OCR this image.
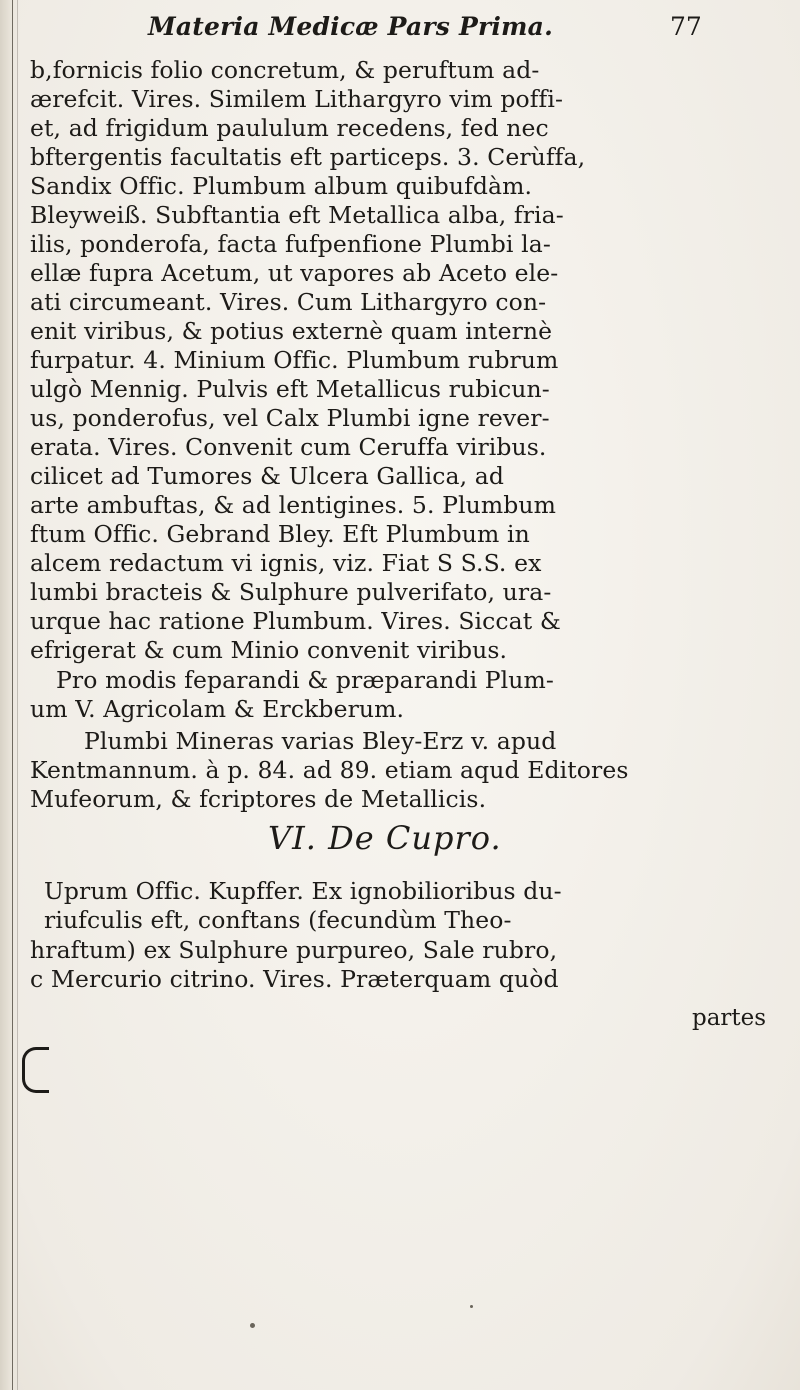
Materia Medicæ Pars Prima.	77
b,fornicis folio concretum, & peruftum ad-
ærefcit. Vires. Similem Lithargyro vim poffi-
et, ad frigidum paululum recedens, fed nec
bftergentis facultatis eft particeps. 3. Cerùffa,
Sandix Offic. Plumbum album quibufdàm.
Bleyweiß. Subftantia eft Metallica alba, fria-
ilis, ponderofa, facta fufpenfione Plumbi la-
ellæ fupra Acetum, ut vapores ab Aceto ele-
ati circumeant. Vires. Cum Lithargyro con-
enit viribus, & potius externè quam internè
furpatur. 4. Minium Offic. Plumbum rubrum
ulgò Mennig. Pulvis eft Metallicus rubicun-
us, ponderofus, vel Calx Plumbi igne rever-
erata. Vires. Convenit cum Ceruffa viribus.
cilicet ad Tumores & Ulcera Gallica, ad
arte ambuftas, & ad lentigines. 5. Plumbum
ftum Offic. Gebrand Bley. Eft Plumbum in
alcem redactum vi ignis, viz. Fiat S S.S. ex
lumbi bracteis & Sulphure pulverifato, ura-
urque hac ratione Plumbum. Vires. Siccat &
efrigerat & cum Minio convenit viribus.
Pro modis feparandi & præparandi Plum-
um V. Agricolam & Erckberum.
Plumbi Mineras varias Bley-Erz v. apud
Kentmannum. à p. 84. ad 89. etiam aqud Editores
Mufeorum, & fcriptores de Metallicis.
VI. De Cupro.
Uprum Offic. Kupffer. Ex ignobilioribus du-
riufculis eft, conftans (fecundùm Theo-
hraftum) ex Sulphure purpureo, Sale rubro,
c Mercurio citrino. Vires. Præterquam quòd
partes
